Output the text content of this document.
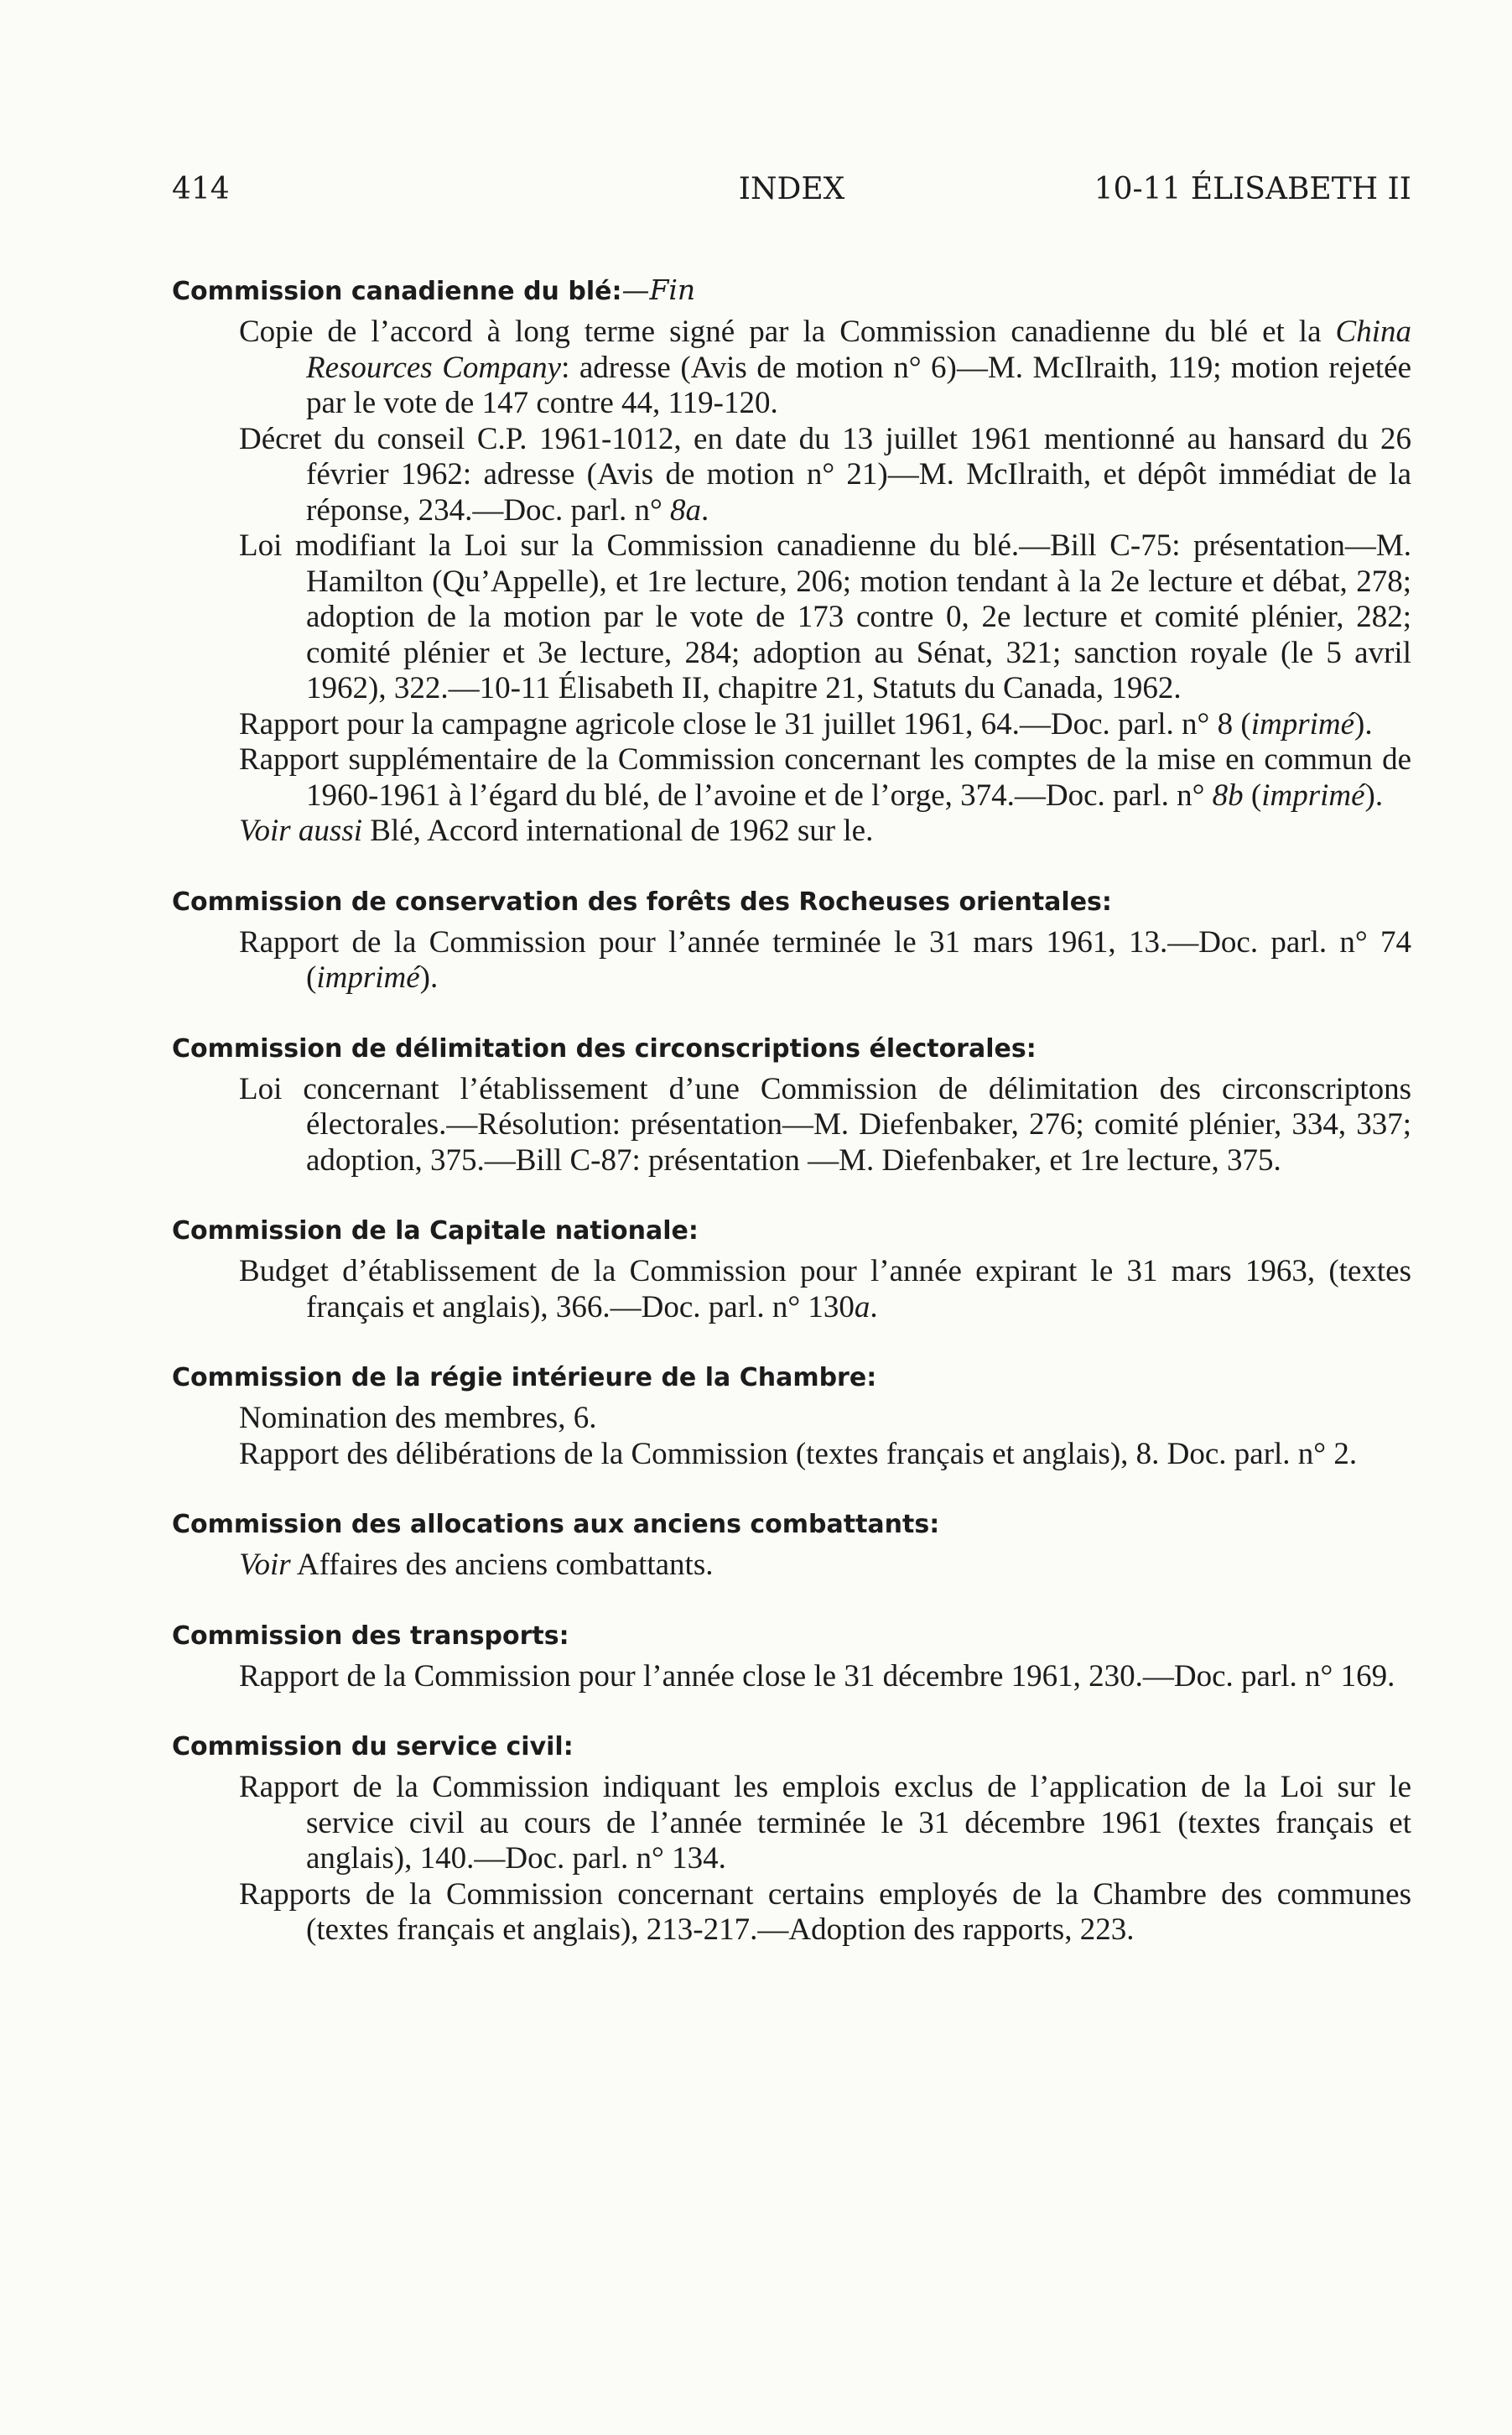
INDEX
414	10-11 ÉLISABETH II
Commission canadienne du blé:—Fin
Copie de l’accord à long terme signé par la Commission canadienne du blé et la China Resources Company: adresse (Avis de motion n° 6)—M. McIlraith, 119; motion rejetée par le vote de 147 contre 44, 119-120.
Décret du conseil C.P. 1961-1012, en date du 13 juillet 1961 mentionné au hansard du 26 février 1962: adresse (Avis de motion n° 21)—M. McIlraith, et dépôt immédiat de la réponse, 234.—Doc. parl. n° 8a.
Loi modifiant la Loi sur la Commission canadienne du blé.—Bill C-75: présentation—M. Hamilton (Qu’Appelle), et 1re lecture, 206; motion tendant à la 2e lecture et débat, 278; adoption de la motion par le vote de 173 contre 0, 2e lecture et comité plénier, 282; comité plénier et 3e lecture, 284; adoption au Sénat, 321; sanction royale (le 5 avril 1962), 322.—10-11 Élisabeth II, chapitre 21, Statuts du Canada, 1962.
Rapport pour la campagne agricole close le 31 juillet 1961, 64.—Doc. parl. n° 8 (imprimé).
Rapport supplémentaire de la Commission concernant les comptes de la mise en commun de 1960-1961 à l’égard du blé, de l’avoine et de l’orge, 374.—Doc. parl. n° 8b (imprimé).
Voir aussi Blé, Accord international de 1962 sur le.
Commission de conservation des forêts des Rocheuses orientales:
Rapport de la Commission pour l’année terminée le 31 mars 1961, 13.—Doc. parl. n° 74 (imprimé).
Commission de délimitation des circonscriptions électorales:
Loi concernant l’établissement d’une Commission de délimitation des circonscriptons électorales.—Résolution: présentation—M. Diefenbaker, 276; comité plénier, 334, 337; adoption, 375.—Bill C-87: présentation —M. Diefenbaker, et 1re lecture, 375.
Commission de la Capitale nationale:
Budget d’établissement de la Commission pour l’année expirant le 31 mars 1963, (textes français et anglais), 366.—Doc. parl. n° 130a.
Commission de la régie intérieure de la Chambre:
Nomination des membres, 6.
Rapport des délibérations de la Commission (textes français et anglais), 8. Doc. parl. n° 2.
Commission des allocations aux anciens combattants:
Voir Affaires des anciens combattants.
Commission des transports:
Rapport de la Commission pour l’année close le 31 décembre 1961, 230.—Doc. parl. n° 169.
Commission du service civil:
Rapport de la Commission indiquant les emplois exclus de l’application de la Loi sur le service civil au cours de l’année terminée le 31 décembre 1961 (textes français et anglais), 140.—Doc. parl. n° 134.
Rapports de la Commission concernant certains employés de la Chambre des communes (textes français et anglais), 213-217.—Adoption des rapports, 223.
